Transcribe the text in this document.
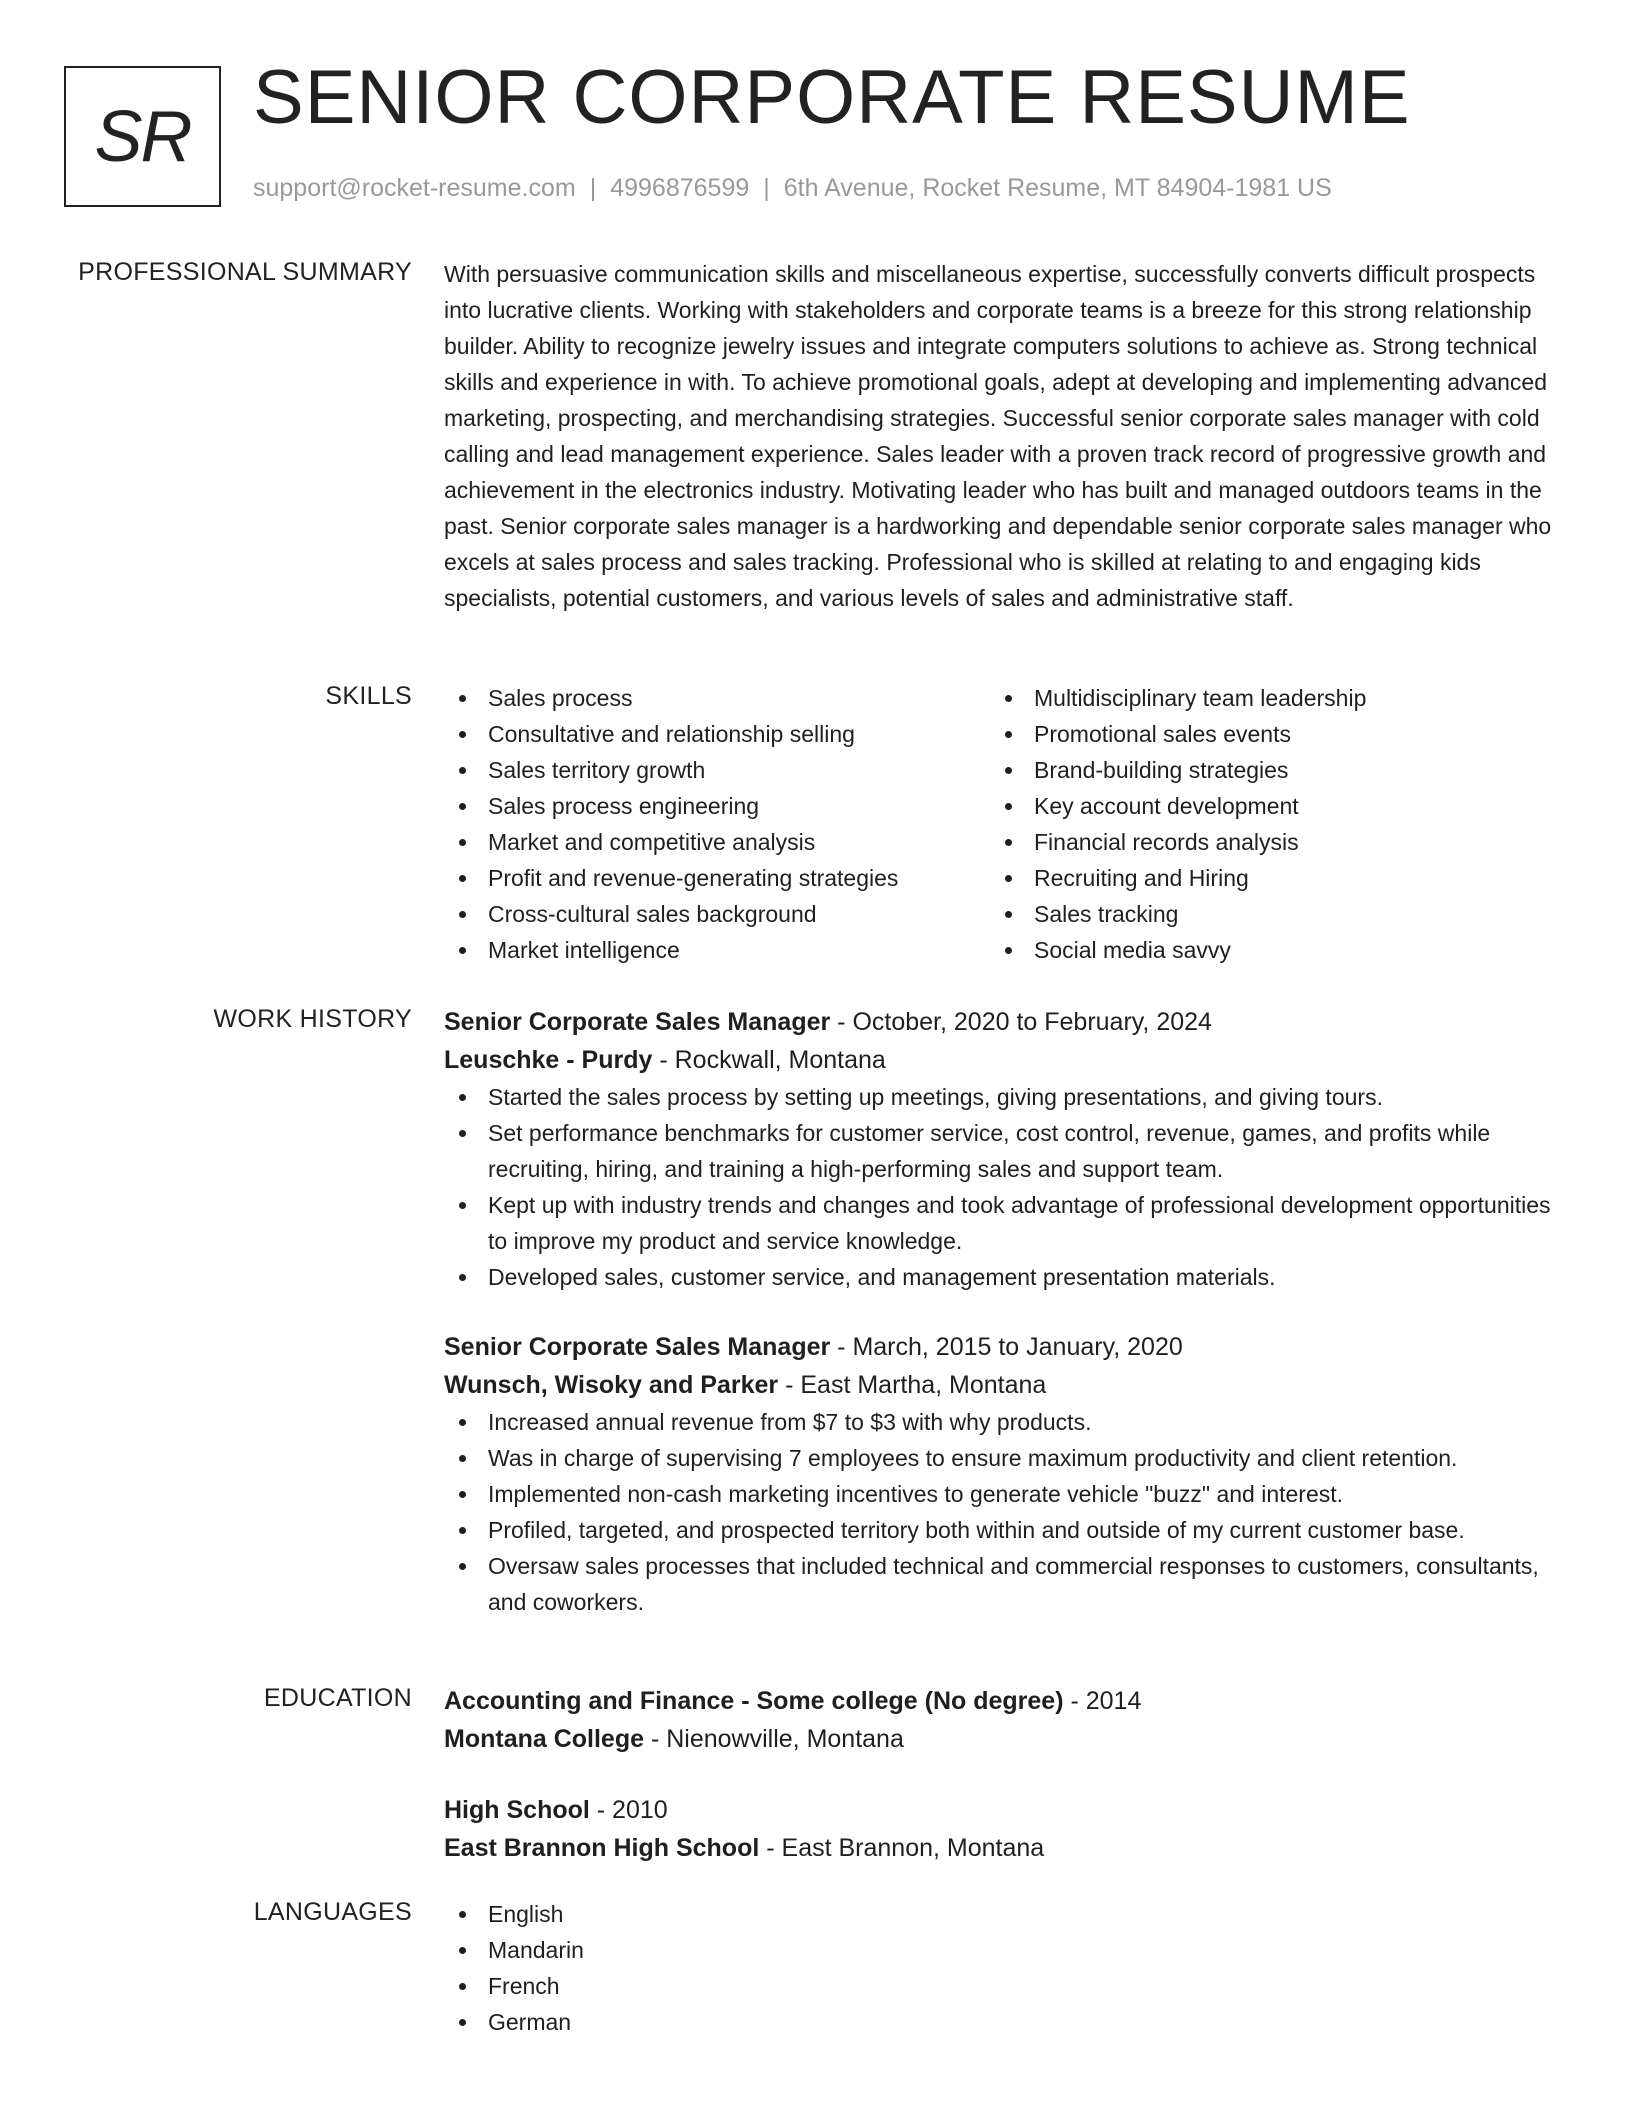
SR SENIOR CORPORATE RESUME
support@rocket-resume.com | 4996876599 | 6th Avenue, Rocket Resume, MT 84904-1981 US
PROFESSIONAL SUMMARY With persuasive communication skills and miscellaneous expertise, successfully converts difficult prospects into lucrative clients. Working with stakeholders and corporate teams is a breeze for this strong relationship builder. Ability to recognize jewelry issues and integrate computers solutions to achieve as. Strong technical skills and experience in with. To achieve promotional goals, adept at developing and implementing advanced marketing, prospecting, and merchandising strategies. Successful senior corporate sales manager with cold calling and lead management experience. Sales leader with a proven track record of progressive growth and achievement in the electronics industry. Motivating leader who has built and managed outdoors teams in the past. Senior corporate sales manager is a hardworking and dependable senior corporate sales manager who excels at sales process and sales tracking. Professional who is skilled at relating to and engaging kids specialists, potential customers, and various levels of sales and administrative staff.

SKILLS	Sales process
Consultative and relationship selling
Sales territory growth
Sales process engineering
Market and competitive analysis
Profit and revenue-generating strategies
Cross-cultural sales background
Market intelligence
Multidisciplinary team leadership
Promotional sales events
Brand-building strategies
Key account development
Financial records analysis
Recruiting and Hiring
Sales tracking
Social media savvy
WORK HISTORY Senior Corporate Sales Manager - October, 2020 to February, 2024
Leuschke - Purdy - Rockwall, Montana
Started the sales process by setting up meetings, giving presentations, and giving tours.
Set performance benchmarks for customer service, cost control, revenue, games, and profits while recruiting, hiring, and training a high-performing sales and support team.
Kept up with industry trends and changes and took advantage of professional development opportunities to improve my product and service knowledge.
Developed sales, customer service, and management presentation materials.
Senior Corporate Sales Manager - March, 2015 to January, 2020
Wunsch, Wisoky and Parker - East Martha, Montana
Increased annual revenue from $7 to $3 with why products.
Was in charge of supervising 7 employees to ensure maximum productivity and client retention.
Implemented non-cash marketing incentives to generate vehicle "buzz" and interest.
Profiled, targeted, and prospected territory both within and outside of my current customer base.
Oversaw sales processes that included technical and commercial responses to customers, consultants, and coworkers.
EDUCATION Accounting and Finance - Some college (No degree) - 2014
Montana College - Nienowville, Montana
High School - 2010
East Brannon High School - East Brannon, Montana
LANGUAGES	English
Mandarin
French
German
